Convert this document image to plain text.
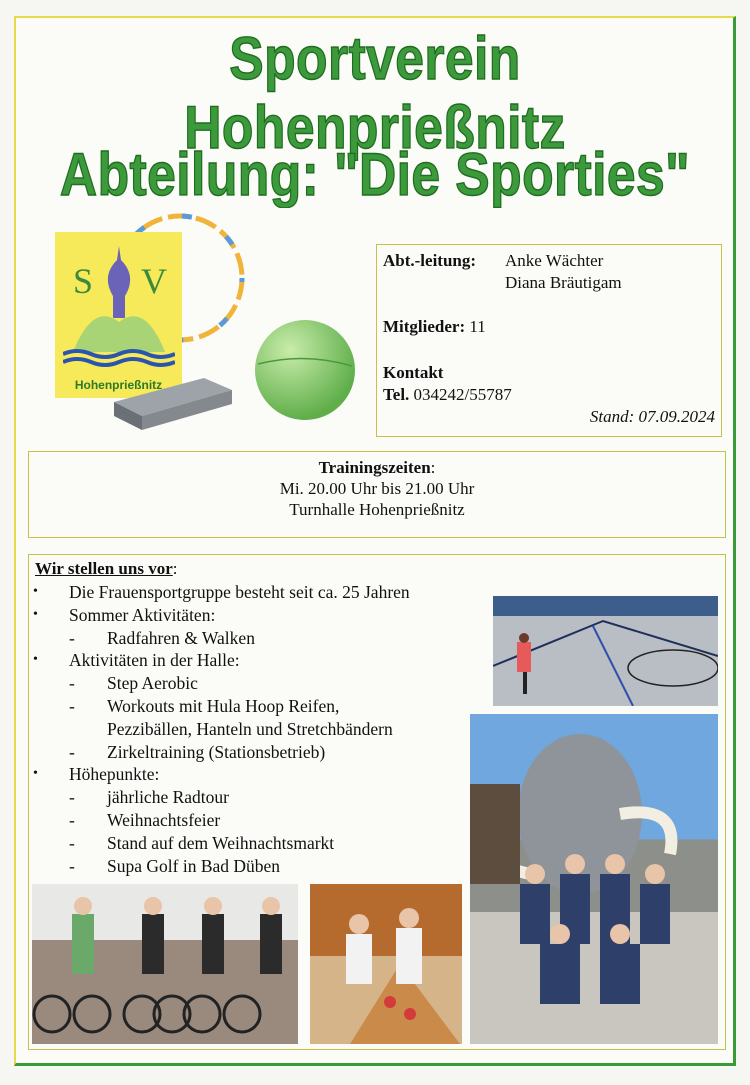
Sportverein Hohenprießnitz
Abteilung: "Die Sporties"
S V
Hohenprießnitz
Abt.-leitung: Anke Wächter
Diana Bräutigam
Mitglieder: 11
Kontakt
Tel. 034242/55787
Stand: 07.09.2024
Trainingszeiten:
Mi. 20.00 Uhr bis 21.00 Uhr
Turnhalle Hohenprießnitz
Wir stellen uns vor:
• Die Frauensportgruppe besteht seit ca. 25 Jahren
• Sommer Aktivitäten:
- Radfahren & Walken
• Aktivitäten in der Halle:
- Step Aerobic
- Workouts mit Hula Hoop Reifen,
Pezzibällen, Hanteln und Stretchbändern
- Zirkeltraining (Stationsbetrieb)
• Höhepunkte:
- jährliche Radtour
- Weihnachtsfeier
- Stand auf dem Weihnachtsmarkt
- Supa Golf in Bad Düben
